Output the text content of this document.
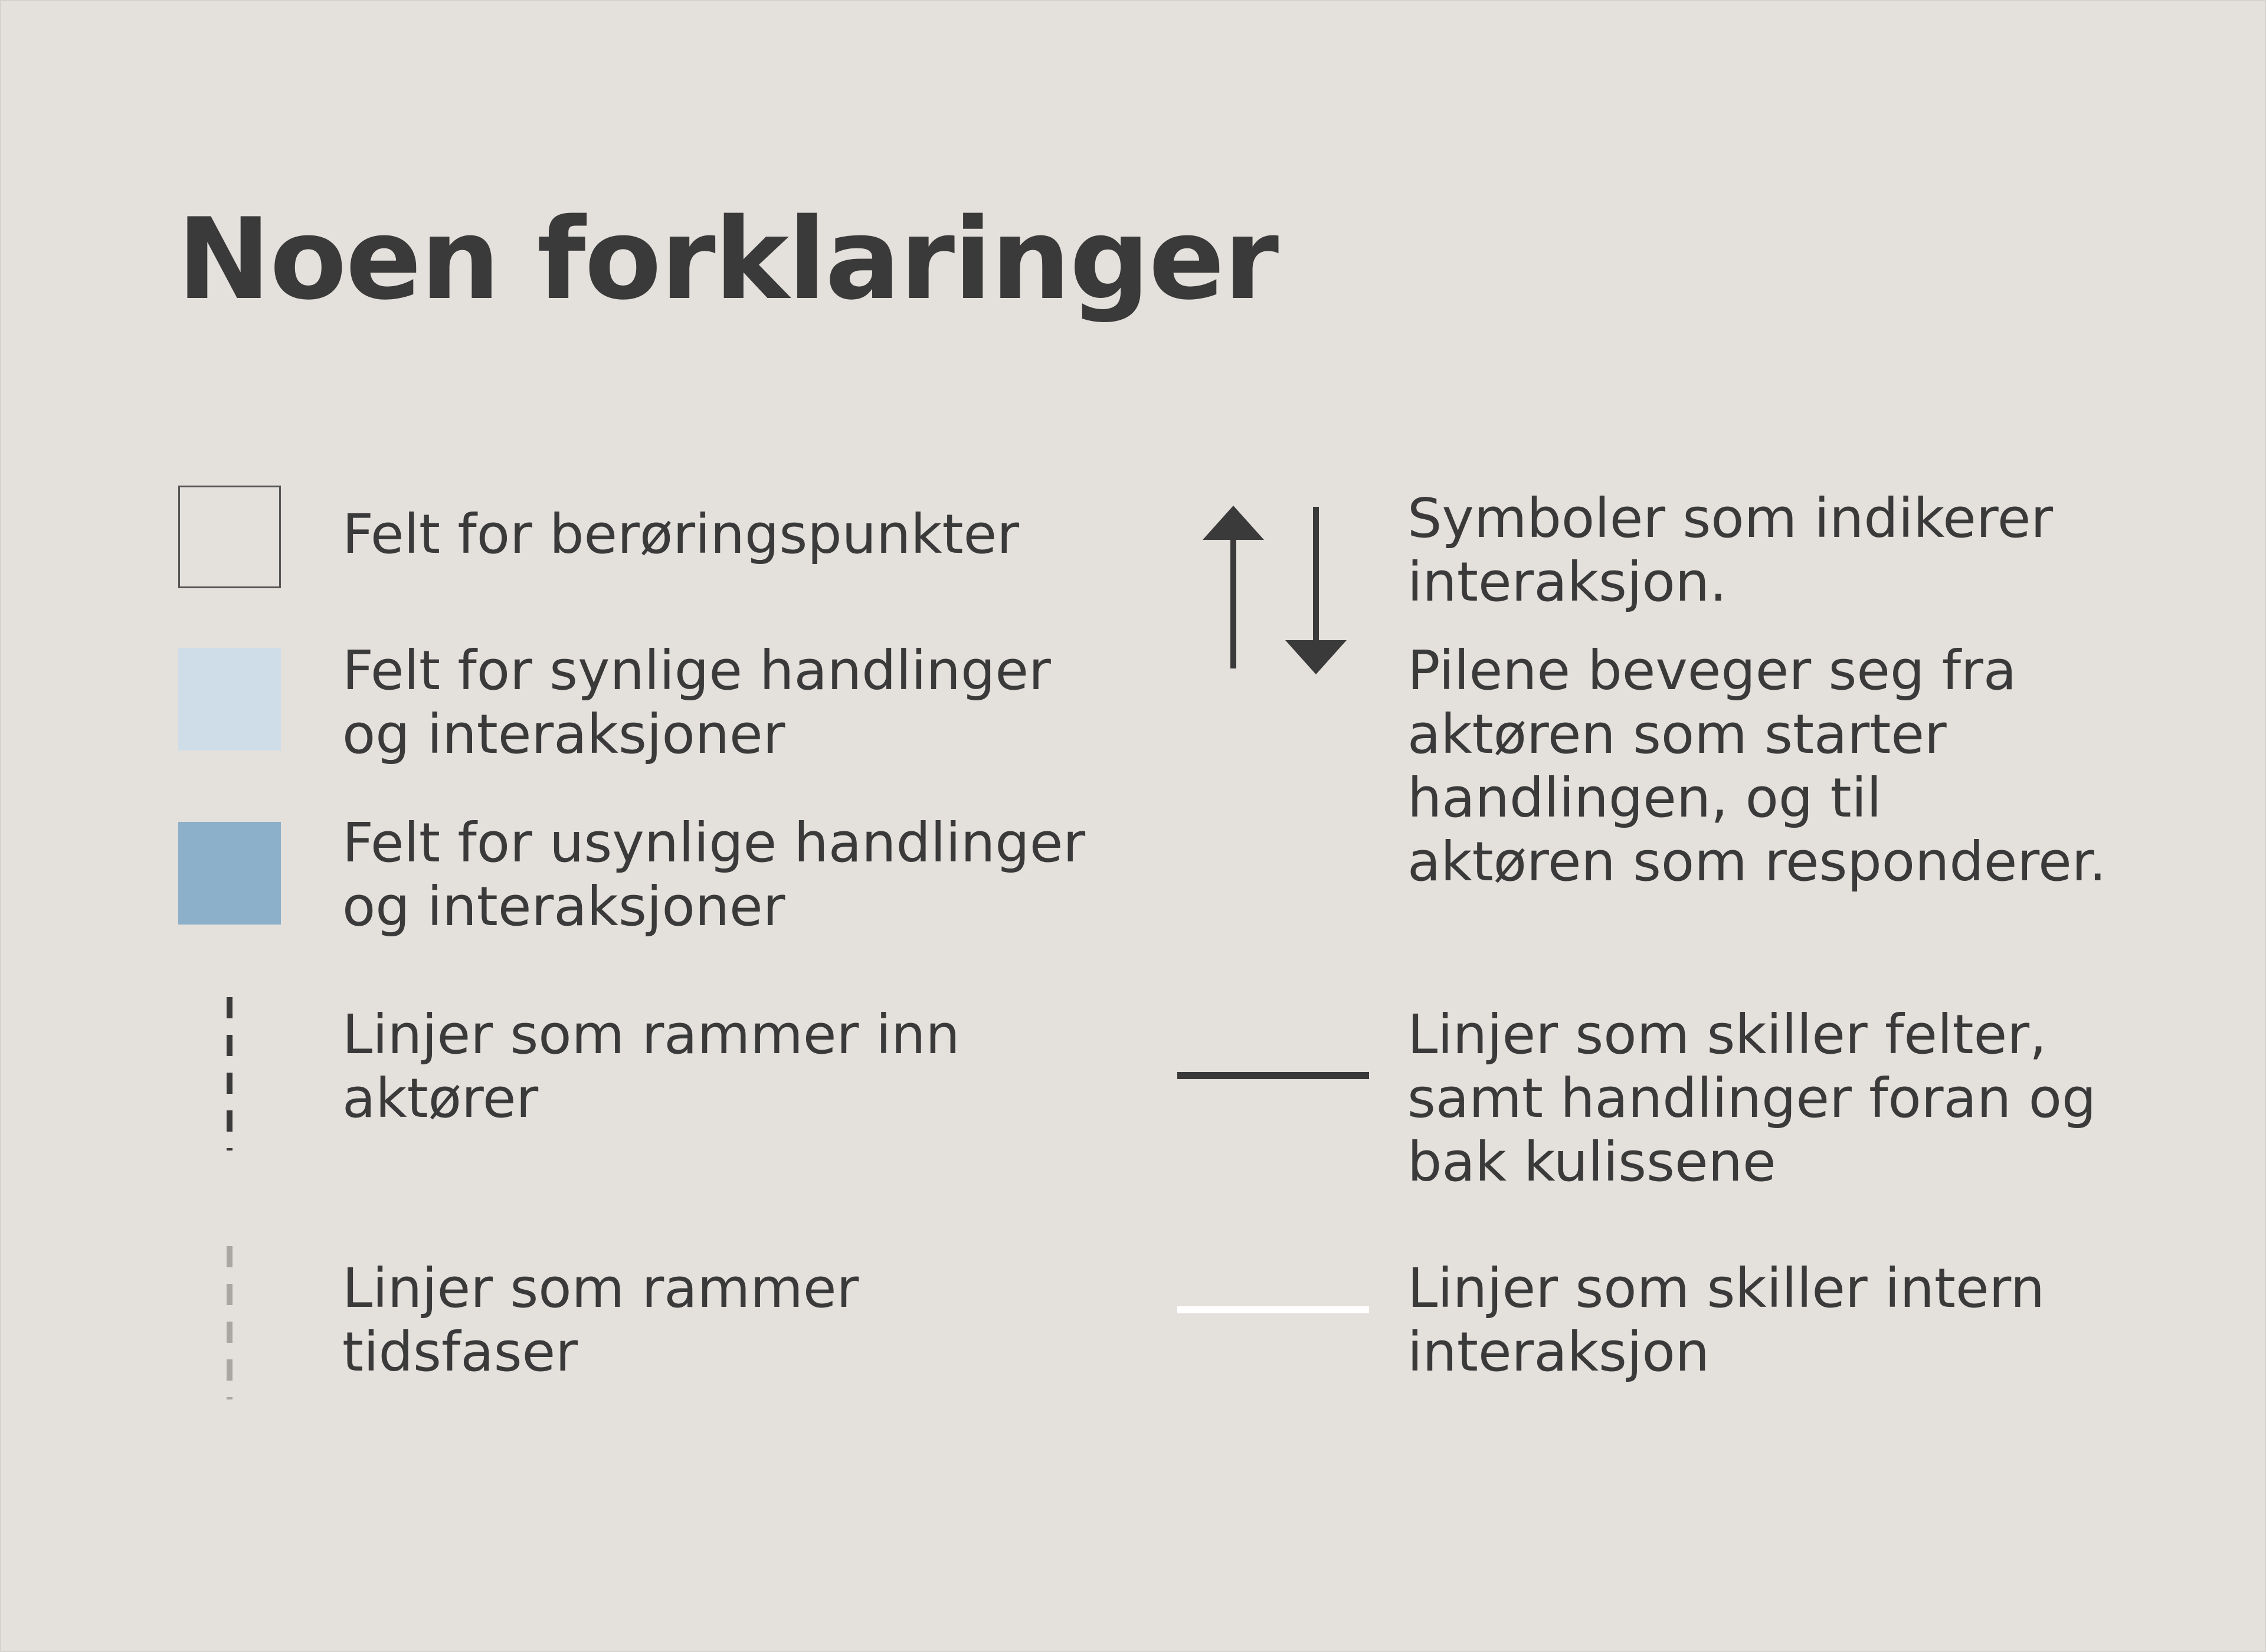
Noen forklaringer
Felt for berøringspunkter
Felt for synlige handlinger
og interaksjoner
Felt for usynlige handlinger
og interaksjoner
Linjer som rammer inn
aktører
Linjer som rammer
tidsfaser
Symboler som indikerer
interaksjon.
Pilene beveger seg fra
aktøren som starter
handlingen, og til
aktøren som responderer.
Linjer som skiller felter,
samt handlinger foran og
bak kulissene
Linjer som skiller intern
interaksjon
